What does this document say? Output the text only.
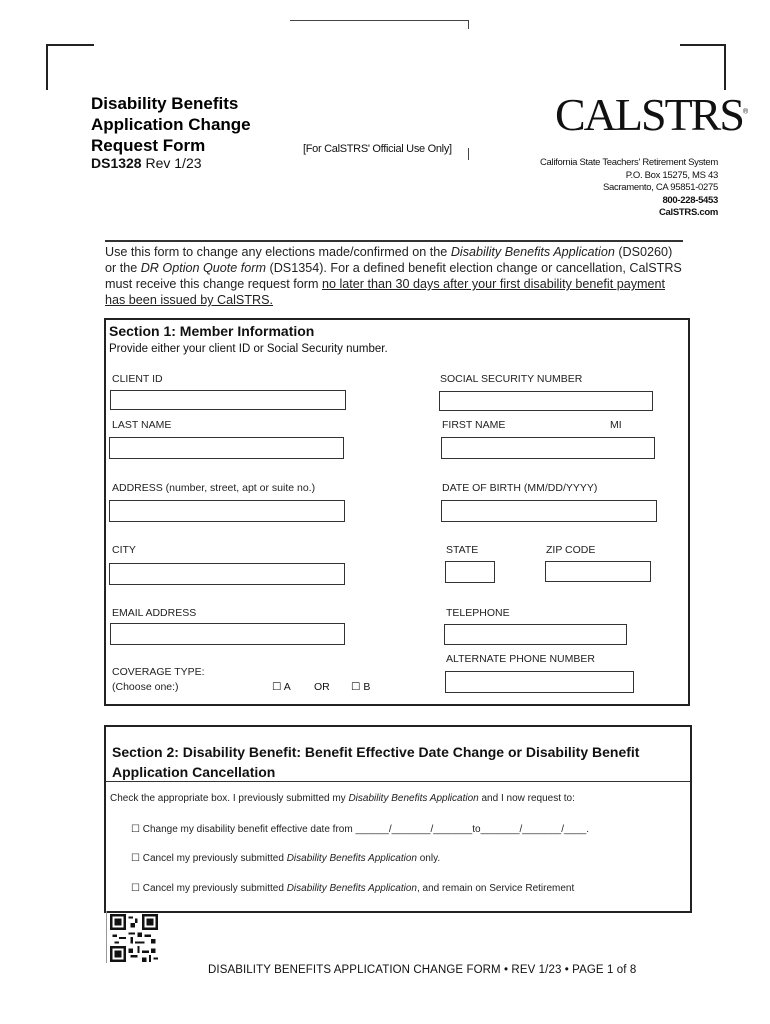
Disability Benefits
Application Change
Request Form
DS1328 Rev 1/23
[For CalSTRS' Official Use Only]
CALSTRS®
California State Teachers' Retirement System
P.O. Box 15275, MS 43
Sacramento, CA 95851-0275
800-228-5453
CalSTRS.com
Use this form to change any elections made/confirmed on the Disability Benefits Application (DS0260) or the DR Option Quote form (DS1354). For a defined benefit election change or cancellation, CalSTRS must receive this change request form no later than 30 days after your first disability benefit payment has been issued by CalSTRS.
Section 1: Member Information
Provide either your client ID or Social Security number.
CLIENT ID	SOCIAL SECURITY NUMBER
LAST NAME	FIRST NAME	MI
ADDRESS (number, street, apt or suite no.)	DATE OF BIRTH (MM/DD/YYYY)
CITY	STATE	ZIP CODE
EMAIL ADDRESS	TELEPHONE
ALTERNATE PHONE NUMBER
COVERAGE TYPE:
(Choose one:)	☐ A OR ☐ B
Section 2: Disability Benefit: Benefit Effective Date Change or Disability Benefit
Application Cancellation
Check the appropriate box. I previously submitted my Disability Benefits Application and I now request to:
☐ Change my disability benefit effective date from ______/_______/_______to_______/_______/____.
☐ Cancel my previously submitted Disability Benefits Application only.
☐ Cancel my previously submitted Disability Benefits Application, and remain on Service Retirement
DISABILITY BENEFITS APPLICATION CHANGE FORM • REV 1/23 • PAGE 1 of 8
